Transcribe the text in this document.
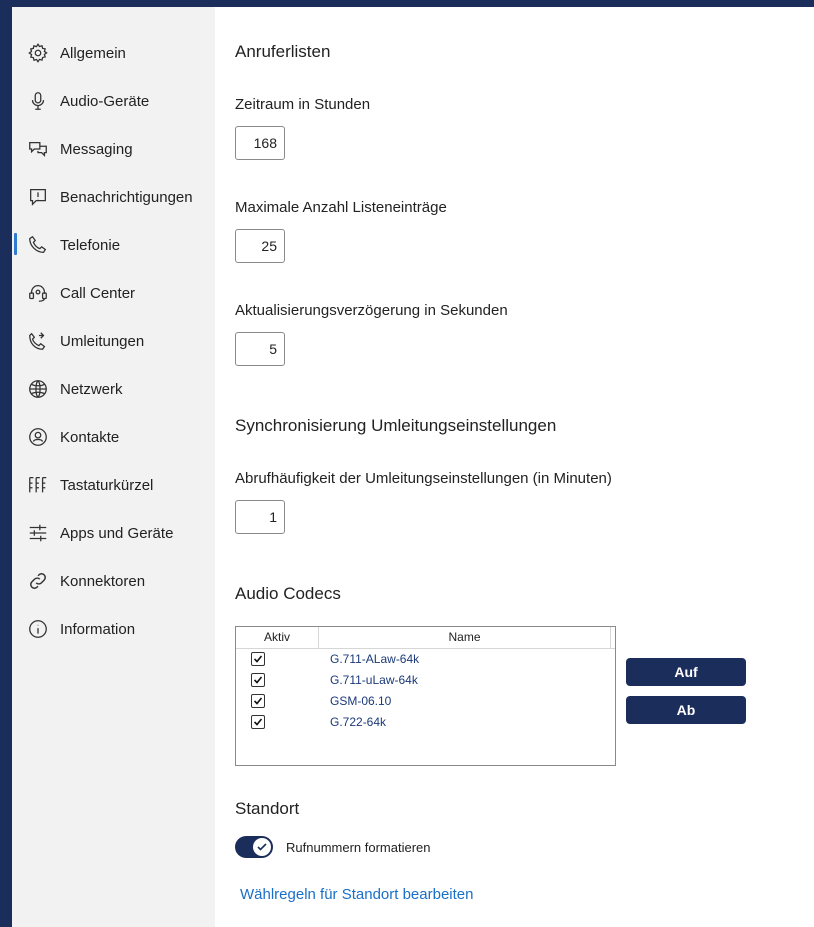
Allgemein
Audio-Geräte
Messaging
Benachrichtigungen
Telefonie
Call Center
Umleitungen
Netzwerk
Kontakte
Tastaturkürzel
Apps und Geräte
Konnektoren
Information
Anruferlisten
Zeitraum in Stunden
168
Maximale Anzahl Listeneinträge
25
Aktualisierungsverzögerung in Sekunden
5
Synchronisierung Umleitungseinstellungen
Abrufhäufigkeit der Umleitungseinstellungen (in Minuten)
1
Audio Codecs
Aktiv	Name
G.711-ALaw-64k
G.711-uLaw-64k
GSM-06.10
G.722-64k
Auf
Ab
Standort
Rufnummern formatieren
Wählregeln für Standort bearbeiten
